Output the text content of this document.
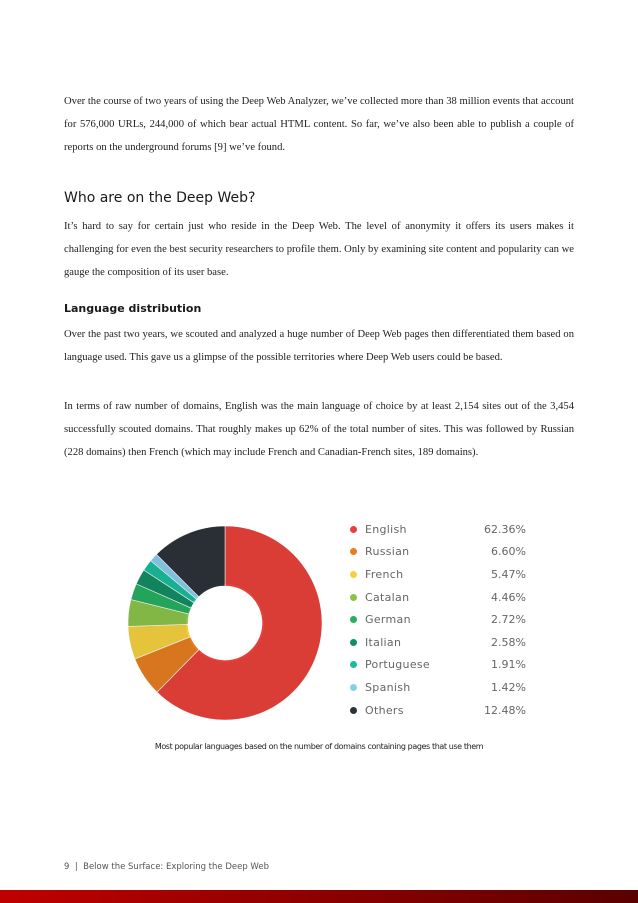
Over the course of two years of using the Deep Web Analyzer, we’ve collected more than 38 million events that account for 576,000 URLs, 244,000 of which bear actual HTML content. So far, we’ve also been able to publish a couple of reports on the underground forums [9] we’ve found.

Who are on the Deep Web?

It’s hard to say for certain just who reside in the Deep Web. The level of anonymity it offers its users makes it challenging for even the best security researchers to profile them. Only by examining site content and popularity can we gauge the composition of its user base.

Language distribution

Over the past two years, we scouted and analyzed a huge number of Deep Web pages then differentiated them based on language used. This gave us a glimpse of the possible territories where Deep Web users could be based.

In terms of raw number of domains, English was the main language of choice by at least 2,154 sites out of the 3,454 successfully scouted domains. That roughly makes up 62% of the total number of sites. This was followed by Russian (228 domains) then French (which may include French and Canadian-French sites, 189 domains).

English	62.36%
Russian	6.60%
French	5.47%
Catalan	4.46%
German	2.72%
Italian	2.58%
Portuguese	1.91%
Spanish	1.42%
Others	12.48%

Most popular languages based on the number of domains containing pages that use them

9 | Below the Surface: Exploring the Deep Web
